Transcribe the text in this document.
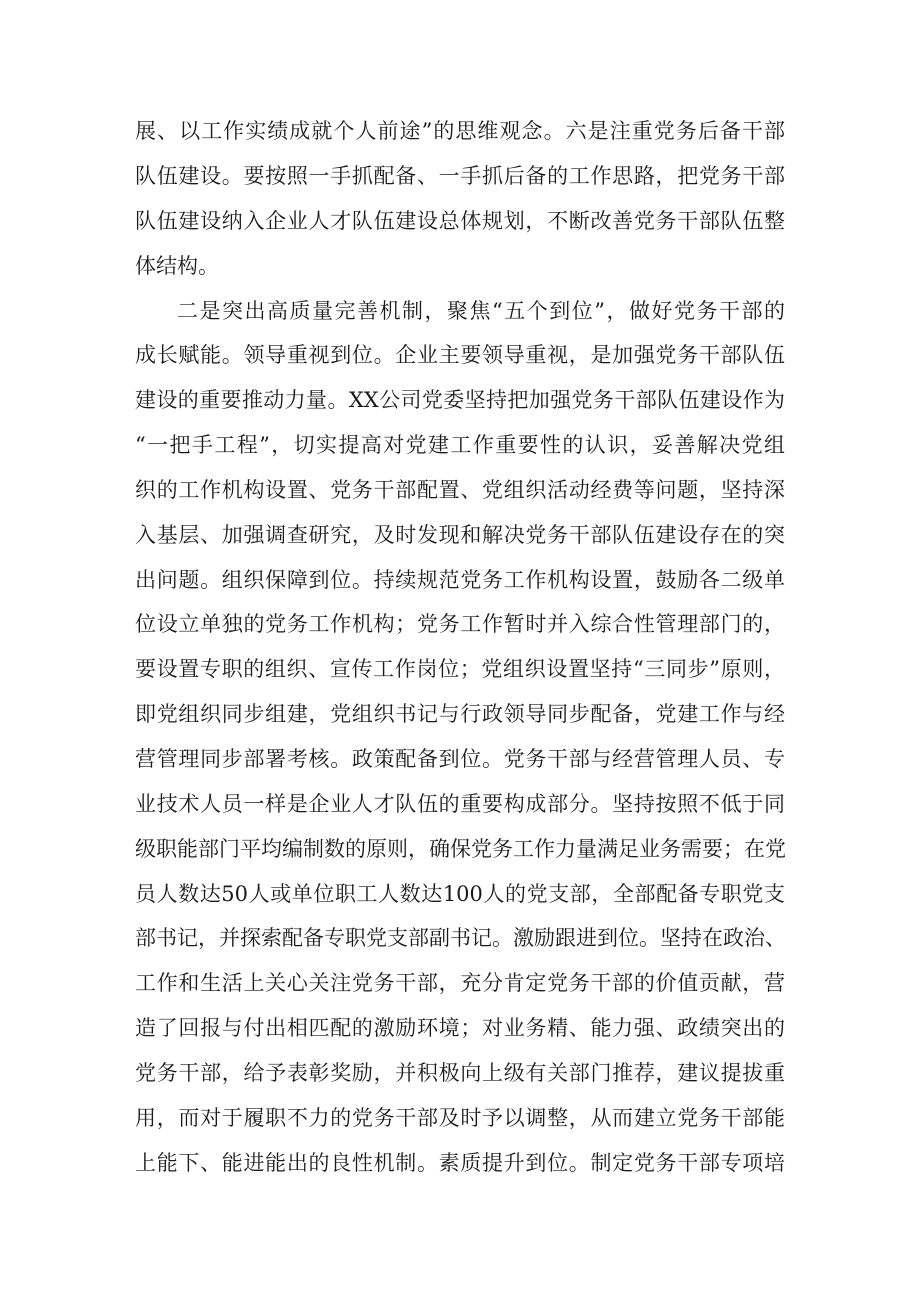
展、以工作实绩成就个人前途”的思维观念。六是注重党务后备干部
队伍建设。要按照一手抓配备、一手抓后备的工作思路，把党务干部
队伍建设纳入企业人才队伍建设总体规划，不断改善党务干部队伍整
体结构。
二是突出高质量完善机制，聚焦“五个到位”，做好党务干部的
成长赋能。领导重视到位。企业主要领导重视，是加强党务干部队伍
建设的重要推动力量。XX公司党委坚持把加强党务干部队伍建设作为
“一把手工程”，切实提高对党建工作重要性的认识，妥善解决党组
织的工作机构设置、党务干部配置、党组织活动经费等问题，坚持深
入基层、加强调查研究，及时发现和解决党务干部队伍建设存在的突
出问题。组织保障到位。持续规范党务工作机构设置，鼓励各二级单
位设立单独的党务工作机构；党务工作暂时并入综合性管理部门的，
要设置专职的组织、宣传工作岗位；党组织设置坚持“三同步”原则，
即党组织同步组建，党组织书记与行政领导同步配备，党建工作与经
营管理同步部署考核。政策配备到位。党务干部与经营管理人员、专
业技术人员一样是企业人才队伍的重要构成部分。坚持按照不低于同
级职能部门平均编制数的原则，确保党务工作力量满足业务需要；在党
员人数达50人或单位职工人数达100人的党支部，全部配备专职党支
部书记，并探索配备专职党支部副书记。激励跟进到位。坚持在政治、
工作和生活上关心关注党务干部，充分肯定党务干部的价值贡献，营
造了回报与付出相匹配的激励环境；对业务精、能力强、政绩突出的
党务干部，给予表彰奖励，并积极向上级有关部门推荐，建议提拔重
用，而对于履职不力的党务干部及时予以调整，从而建立党务干部能
上能下、能进能出的良性机制。素质提升到位。制定党务干部专项培
